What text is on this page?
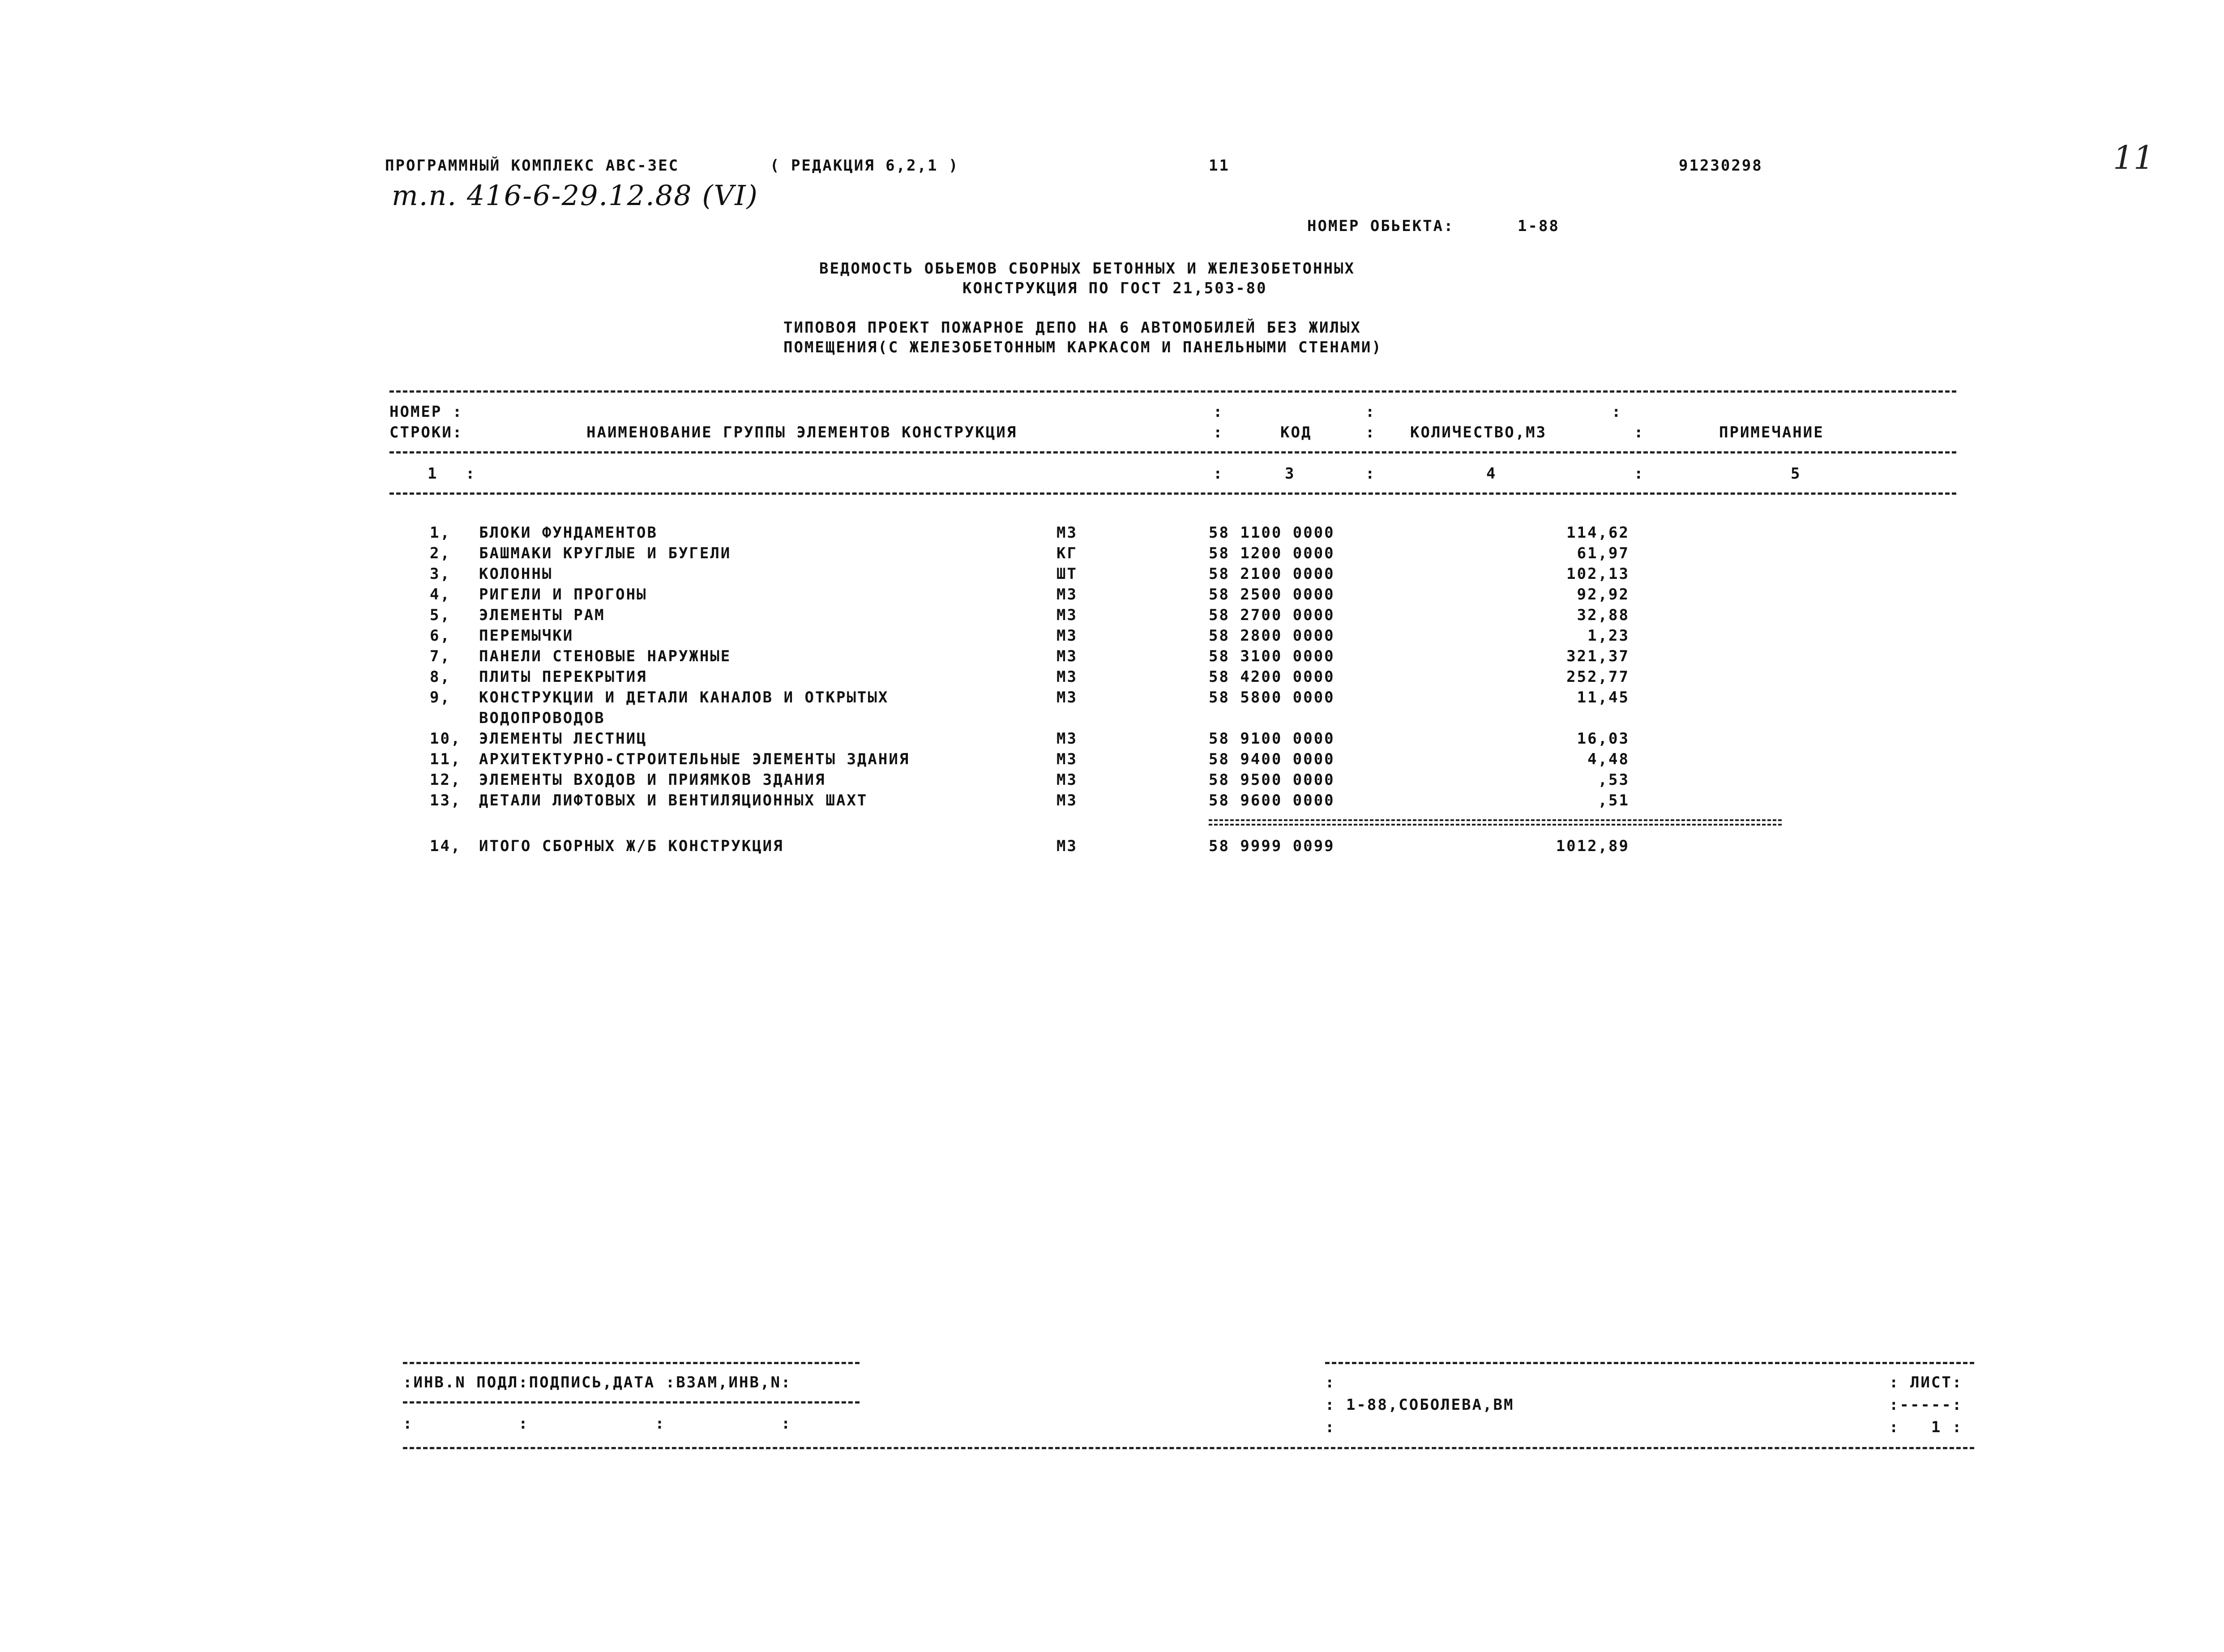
ПРОГРАММНЫЙ КОМПЛЕКС АВС-3ЕС	( РЕДАКЦИЯ 6,2,1 )	11	91230298	11
т.п. 416-6-29.12.88 (VI)
НОМЕР ОБЬЕКТА:	1-88
ВЕДОМОСТЬ ОБЬЕМОВ СБОРНЫХ БЕТОННЫХ И ЖЕЛЕЗОБЕТОННЫХ
КОНСТРУКЦИЯ ПО ГОСТ 21,503-80
ТИПОВОЯ ПРОЕКТ ПОЖАРНОЕ ДЕПО НА 6 АВТОМОБИЛЕЙ БЕЗ ЖИЛЫХ
ПОМЕЩЕНИЯ(С ЖЕЛЕЗОБЕТОННЫМ КАРКАСОМ И ПАНЕЛЬНЫМИ СТЕНАМИ)
НОМЕР :	:	:	:
СТРОКИ:	НАИМЕНОВАНИЕ ГРУППЫ ЭЛЕМЕНТОВ КОНСТРУКЦИЯ	:	КОД	: КОЛИЧЕСТВО,М3	:	ПРИМЕЧАНИЕ
1 :	:	3	:	4	:	5
1, БЛОКИ ФУНДАМЕНТОВ	М3	58 1100 0000	114,62
2, БАШМАКИ КРУГЛЫЕ И БУГЕЛИ	КГ	58 1200 0000	61,97
3, КОЛОННЫ	ШТ	58 2100 0000	102,13
4, РИГЕЛИ И ПРОГОНЫ	М3	58 2500 0000	92,92
5, ЭЛЕМЕНТЫ РАМ	М3	58 2700 0000	32,88
6, ПЕРЕМЫЧКИ	М3	58 2800 0000	1,23
7, ПАНЕЛИ СТЕНОВЫЕ НАРУЖНЫЕ	М3	58 3100 0000	321,37
8, ПЛИТЫ ПЕРЕКРЫТИЯ	М3	58 4200 0000	252,77
9, КОНСТРУКЦИИ И ДЕТАЛИ КАНАЛОВ И ОТКРЫТЫХ	М3	58 5800 0000	11,45
ВОДОПРОВОДОВ
10, ЭЛЕМЕНТЫ ЛЕСТНИЦ	М3	58 9100 0000	16,03
11, АРХИТЕКТУРНО-СТРОИТЕЛЬНЫЕ ЭЛЕМЕНТЫ ЗДАНИЯ	М3	58 9400 0000	4,48
12, ЭЛЕМЕНТЫ ВХОДОВ И ПРИЯМКОВ ЗДАНИЯ	М3	58 9500 0000	,53
13, ДЕТАЛИ ЛИФТОВЫХ И ВЕНТИЛЯЦИОННЫХ ШАХТ	М3	58 9600 0000	,51
14, ИТОГО СБОРНЫХ Ж/Б КОНСТРУКЦИЯ	М3	58 9999 0099	1012,89
:ИНВ.N ПОДЛ:ПОДПИСЬ,ДАТА :ВЗАМ,ИНВ,N:
:          :            :           :
:
: 1-88,СОБОЛЕВА,ВМ
:
: ЛИСТ:
:-----:
:   1 :
